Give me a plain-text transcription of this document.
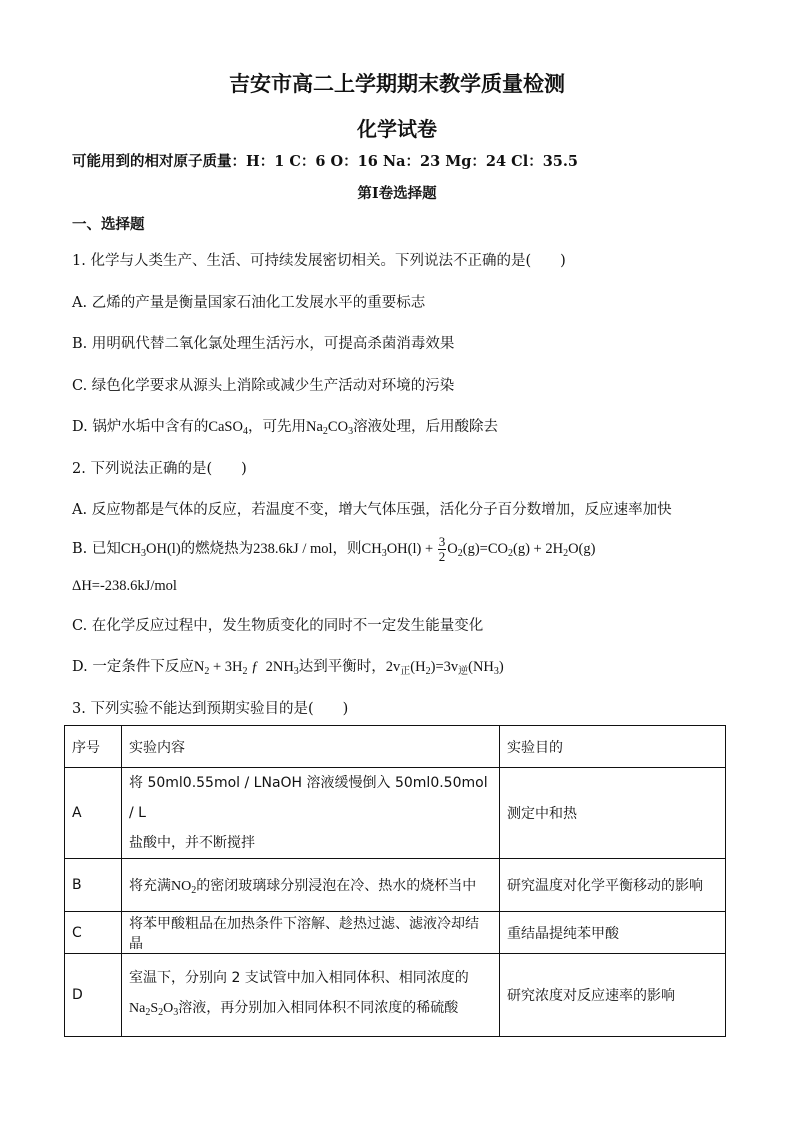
吉安市高二上学期期末教学质量检测
化学试卷
可能用到的相对原子质量：H：1 C：6 O：16 Na：23 Mg：24 Cl：35.5
第Ⅰ卷选择题
一、选择题
1. 化学与人类生产、生活、可持续发展密切相关。下列说法不正确的是(　　)
A. 乙烯的产量是衡量国家石油化工发展水平的重要标志
B. 用明矾代替二氧化氯处理生活污水，可提高杀菌消毒效果
C. 绿色化学要求从源头上消除或减少生产活动对环境的污染
D. 锅炉水垢中含有的CaSO$_4$，可先用$Na_2CO_3$溶液处理，后用酸除去
2. 下列说法正确的是(　　)
A. 反应物都是气体的反应，若温度不变，增大气体压强，活化分子百分数增加，反应速率加快
B. 已知$CH_3OH(l)$的燃烧热为238.6kJ / mol，则$CH_3OH(l) + \frac{3}{2} O_2(g)=CO_2(g) + 2H_2O(g)$
ΔH=-238.6kJ/mol
C. 在化学反应过程中，发生物质变化的同时不一定发生能量变化
D. 一定条件下反应$N_2 + 3H_2$ ƒ  $2NH_3$达到平衡时，$2v_正(H_2)=3v_逆(NH_3)$
3. 下列实验不能达到预期实验目的是(　　)
序号	实验内容	实验目的
A	将 50ml0.55mol / LNaOH 溶液缓慢倒入 50ml0.50mol / L
盐酸中，并不断搅拌	测定中和热
B	将充满$NO_2$的密闭玻璃球分别浸泡在冷、热水的烧杯当中	研究温度对化学平衡移动的影响
C	将苯甲酸粗品在加热条件下溶解、趁热过滤、滤液冷却结晶	重结晶提纯苯甲酸
D	室温下，分别向 2 支试管中加入相同体积、相同浓度的
$Na_2S_2O_3$溶液，再分别加入相同体积不同浓度的稀硫酸	研究浓度对反应速率的影响
